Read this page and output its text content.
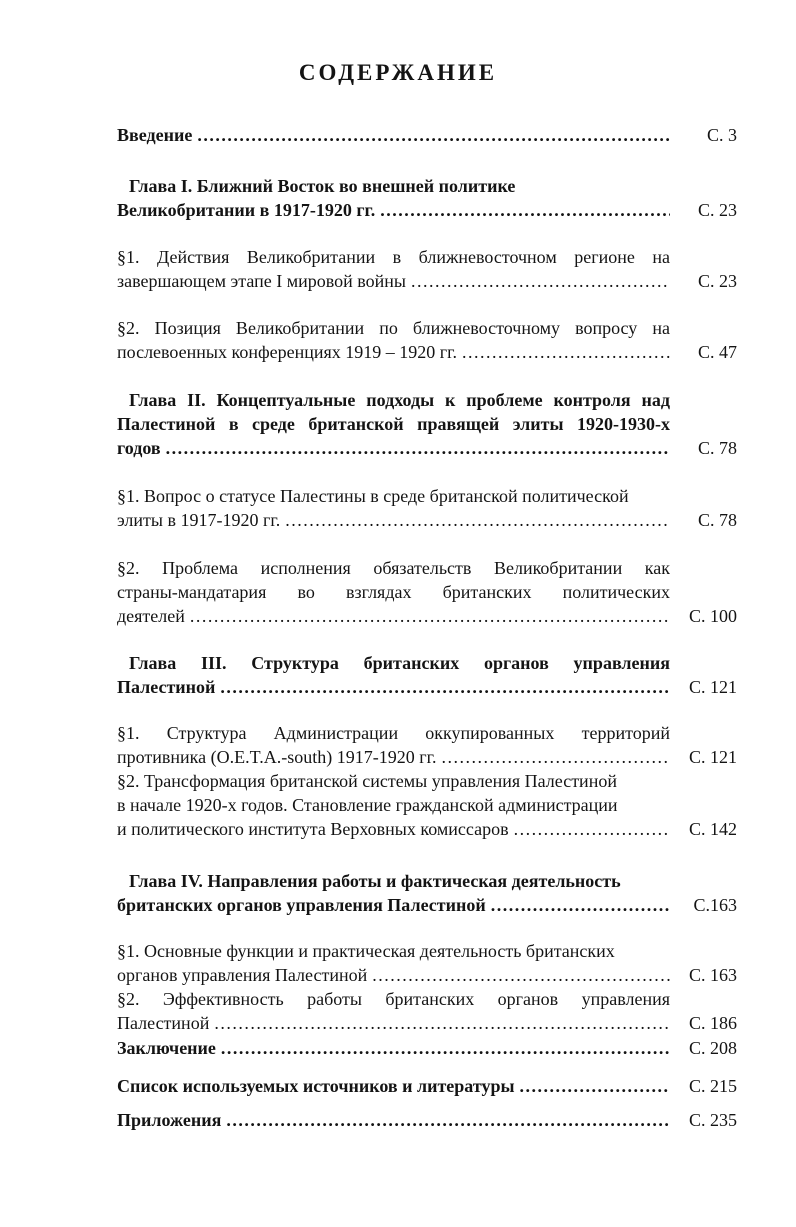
СОДЕРЖАНИЕ
Введение . . .	С. 3
Глава I. Ближний Восток во внешней политике
Великобритании в 1917-1920 гг. . . .	С. 23
§1. Действия Великобритании в ближневосточном регионе на
завершающем этапе I мировой войны . . .	С. 23
§2. Позиция Великобритании по ближневосточному вопросу на
послевоенных конференциях 1919 – 1920 гг. . . .	С. 47
Глава II. Концептуальные подходы к проблеме контроля над
Палестиной в среде британской правящей элиты 1920-1930-х
годов . . .	С. 78
§1. Вопрос о статусе Палестины в среде британской политической
элиты в 1917-1920 гг. . . .	С. 78
§2. Проблема исполнения обязательств Великобритании как
страны-мандатария во взглядах британских политических
деятелей . . .	С. 100
Глава III. Структура британских органов управления
Палестиной . . .	С. 121
§1. Структура Администрации оккупированных территорий
противника (O.E.T.A.-south) 1917-1920 гг. . . .	С. 121
§2. Трансформация британской системы управления Палестиной
в начале 1920-х годов. Становление гражданской администрации
и политического института Верховных комиссаров . . .	С. 142
Глава IV. Направления работы и фактическая деятельность
британских органов управления Палестиной . . .	С.163
§1. Основные функции и практическая деятельность британских
органов управления Палестиной . . .	С. 163
§2. Эффективность работы британских органов управления
Палестиной . . .	С. 186
Заключение . . .	С. 208
Список используемых источников и литературы . . .	С. 215
Приложения . . .	С. 235
